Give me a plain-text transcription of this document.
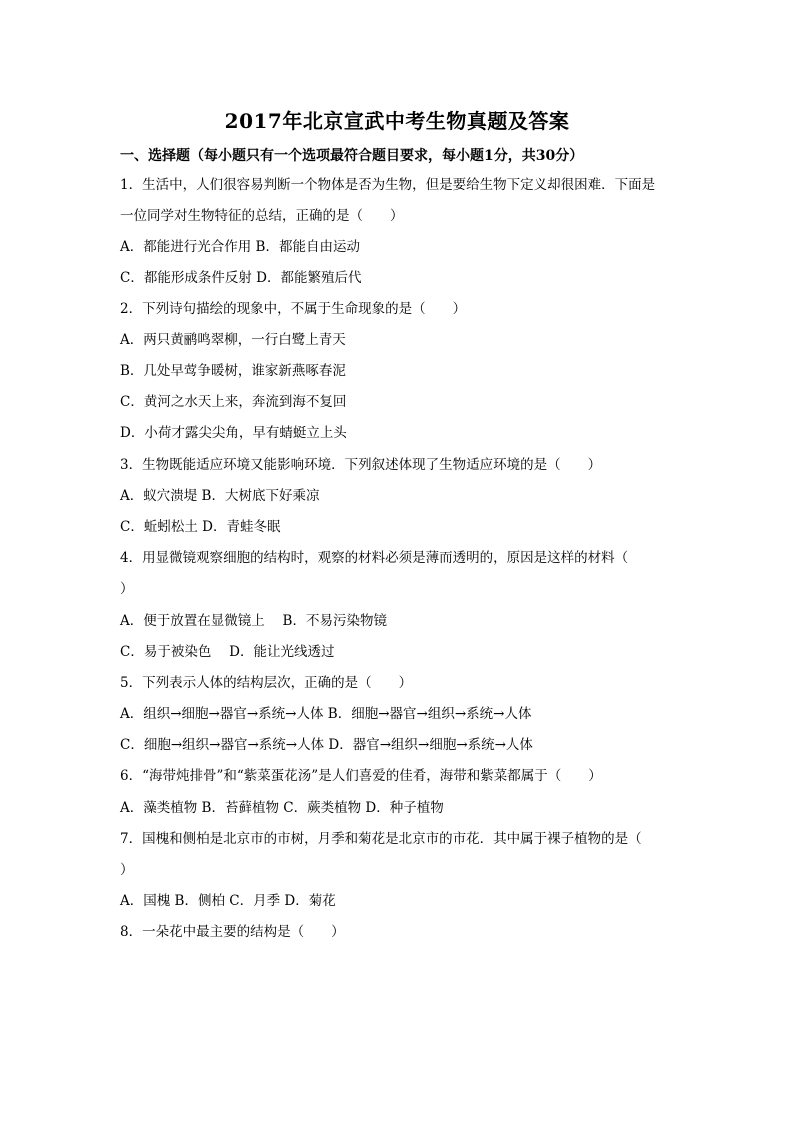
2017年北京宣武中考生物真题及答案
一、选择题（每小题只有一个选项最符合题目要求，每小题1分，共30分）
1．生活中，人们很容易判断一个物体是否为生物，但是要给生物下定义却很困难．下面是
一位同学对生物特征的总结，正确的是（　　）
A．都能进行光合作用 B．都能自由运动
C．都能形成条件反射 D．都能繁殖后代
2．下列诗句描绘的现象中，不属于生命现象的是（　　）
A．两只黄鹂鸣翠柳，一行白鹭上青天
B．几处早莺争暖树，谁家新燕啄春泥
C．黄河之水天上来，奔流到海不复回
D．小荷才露尖尖角，早有蜻蜓立上头
3．生物既能适应环境又能影响环境．下列叙述体现了生物适应环境的是（　　）
A．蚁穴溃堤 B．大树底下好乘凉
C．蚯蚓松土 D．青蛙冬眠
4．用显微镜观察细胞的结构时，观察的材料必须是薄而透明的，原因是这样的材料（
）
A．便于放置在显微镜上　 B．不易污染物镜
C．易于被染色　 D．能让光线透过
5．下列表示人体的结构层次，正确的是（　　）
A．组织→细胞→器官→系统→人体 B．细胞→器官→组织→系统→人体
C．细胞→组织→器官→系统→人体 D．器官→组织→细胞→系统→人体
6．“海带炖排骨”和“紫菜蛋花汤”是人们喜爱的佳肴，海带和紫菜都属于（　　）
A．藻类植物 B．苔藓植物 C．蕨类植物 D．种子植物
7．国槐和侧柏是北京市的市树，月季和菊花是北京市的市花．其中属于裸子植物的是（
）
A．国槐 B．侧柏 C．月季 D．菊花
8．一朵花中最主要的结构是（　　）
